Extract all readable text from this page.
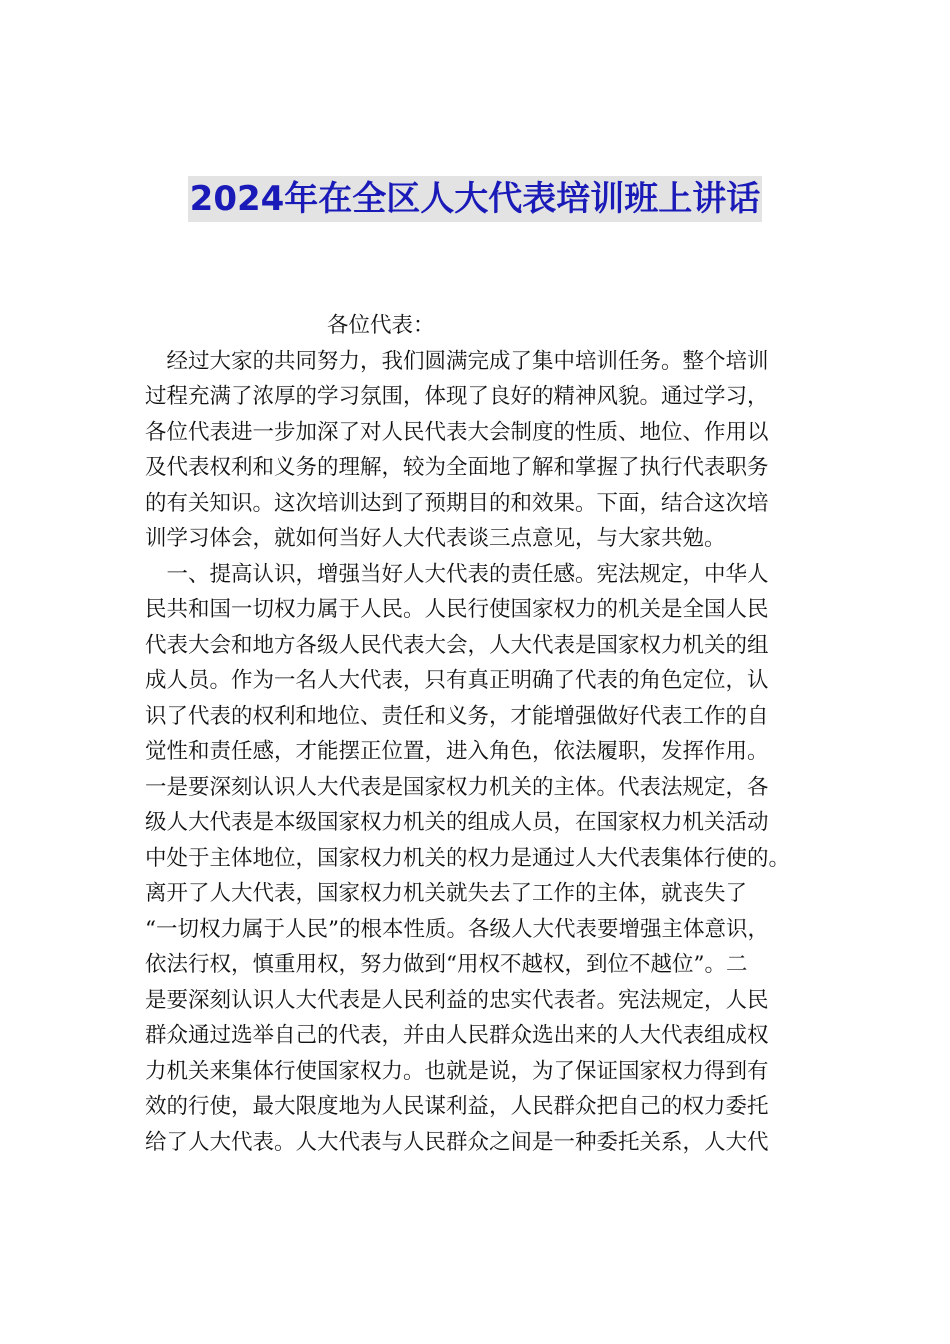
2024年在全区人大代表培训班上讲话

各位代表：

经过大家的共同努力，我们圆满完成了集中培训任务。整个培训
过程充满了浓厚的学习氛围，体现了良好的精神风貌。通过学习，
各位代表进一步加深了对人民代表大会制度的性质、地位、作用以
及代表权利和义务的理解，较为全面地了解和掌握了执行代表职务
的有关知识。这次培训达到了预期目的和效果。下面，结合这次培
训学习体会，就如何当好人大代表谈三点意见，与大家共勉。
一、提高认识，增强当好人大代表的责任感。宪法规定，中华人
民共和国一切权力属于人民。人民行使国家权力的机关是全国人民
代表大会和地方各级人民代表大会，人大代表是国家权力机关的组
成人员。作为一名人大代表，只有真正明确了代表的角色定位，认
识了代表的权利和地位、责任和义务，才能增强做好代表工作的自
觉性和责任感，才能摆正位置，进入角色，依法履职，发挥作用。
一是要深刻认识人大代表是国家权力机关的主体。代表法规定，各
级人大代表是本级国家权力机关的组成人员，在国家权力机关活动
中处于主体地位，国家权力机关的权力是通过人大代表集体行使的。
离开了人大代表，国家权力机关就失去了工作的主体，就丧失了
“一切权力属于人民”的根本性质。各级人大代表要增强主体意识，
依法行权，慎重用权，努力做到“用权不越权，到位不越位”。二
是要深刻认识人大代表是人民利益的忠实代表者。宪法规定，人民
群众通过选举自己的代表，并由人民群众选出来的人大代表组成权
力机关来集体行使国家权力。也就是说，为了保证国家权力得到有
效的行使，最大限度地为人民谋利益，人民群众把自己的权力委托
给了人大代表。人大代表与人民群众之间是一种委托关系，人大代
